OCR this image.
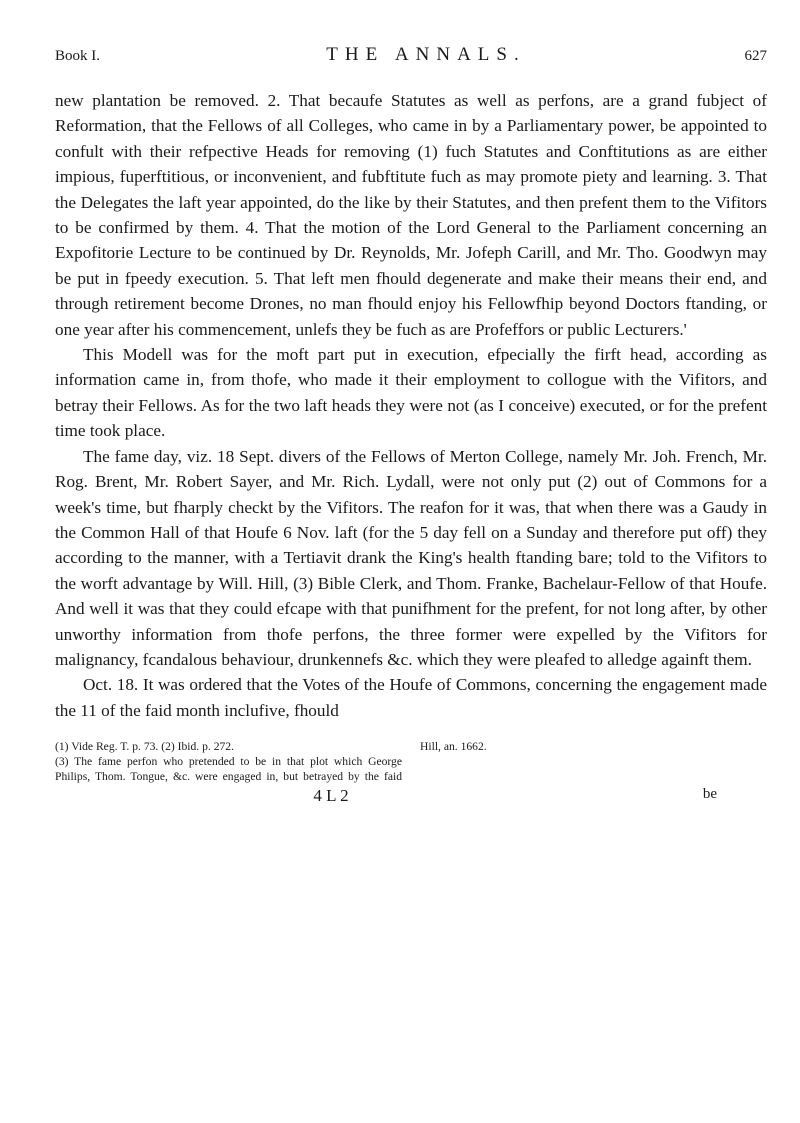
Book I.	THE ANNALS.	627

new plantation be removed. 2. That becaufe Statutes as well as perfons, are a grand fubject of Reformation, that the Fellows of all Colleges, who came in by a Parliamentary power, be appointed to confult with their refpective Heads for removing (1) fuch Statutes and Conftitutions as are either impious, fuperftitious, or inconvenient, and fubftitute fuch as may promote piety and learning. 3. That the Delegates the laft year appointed, do the like by their Statutes, and then prefent them to the Vifitors to be confirmed by them. 4. That the motion of the Lord General to the Parliament concerning an Expofitorie Lecture to be continued by Dr. Reynolds, Mr. Jofeph Carill, and Mr. Tho. Goodwyn may be put in fpeedy execution. 5. That left men fhould degenerate and make their means their end, and through retirement become Drones, no man fhould enjoy his Fellowfhip beyond Doctors ftanding, or one year after his commencement, unlefs they be fuch as are Profeffors or public Lecturers.'

This Modell was for the moft part put in execution, efpecially the firft head, according as information came in, from thofe, who made it their employment to collogue with the Vifitors, and betray their Fellows. As for the two laft heads they were not (as I conceive) executed, or for the prefent time took place.

The fame day, viz. 18 Sept. divers of the Fellows of Merton College, namely Mr. Joh. French, Mr. Rog. Brent, Mr. Robert Sayer, and Mr. Rich. Lydall, were not only put (2) out of Commons for a week's time, but fharply checkt by the Vifitors. The reafon for it was, that when there was a Gaudy in the Common Hall of that Houfe 6 Nov. laft (for the 5 day fell on a Sunday and therefore put off) they according to the manner, with a Tertiavit drank the King's health ftanding bare; told to the Vifitors to the worft advantage by Will. Hill, (3) Bible Clerk, and Thom. Franke, Bachelaur-Fellow of that Houfe. And well it was that they could efcape with that punifhment for the prefent, for not long after, by other unworthy information from thofe perfons, the three former were expelled by the Vifitors for malignancy, fcandalous behaviour, drunkennefs &c. which they were pleafed to alledge againft them.

Oct. 18. It was ordered that the Votes of the Houfe of Commons, concerning the engagement made the 11 of the faid month inclufive, fhould

(1) Vide Reg. T. p. 73. (2) Ibid. p. 272.

(3) The fame perfon who pretended to be in that plot which George Philips, Thom. Tongue, &c. were engaged in, but betrayed by the faid Hill, an. 1662.

4 L 2	be
